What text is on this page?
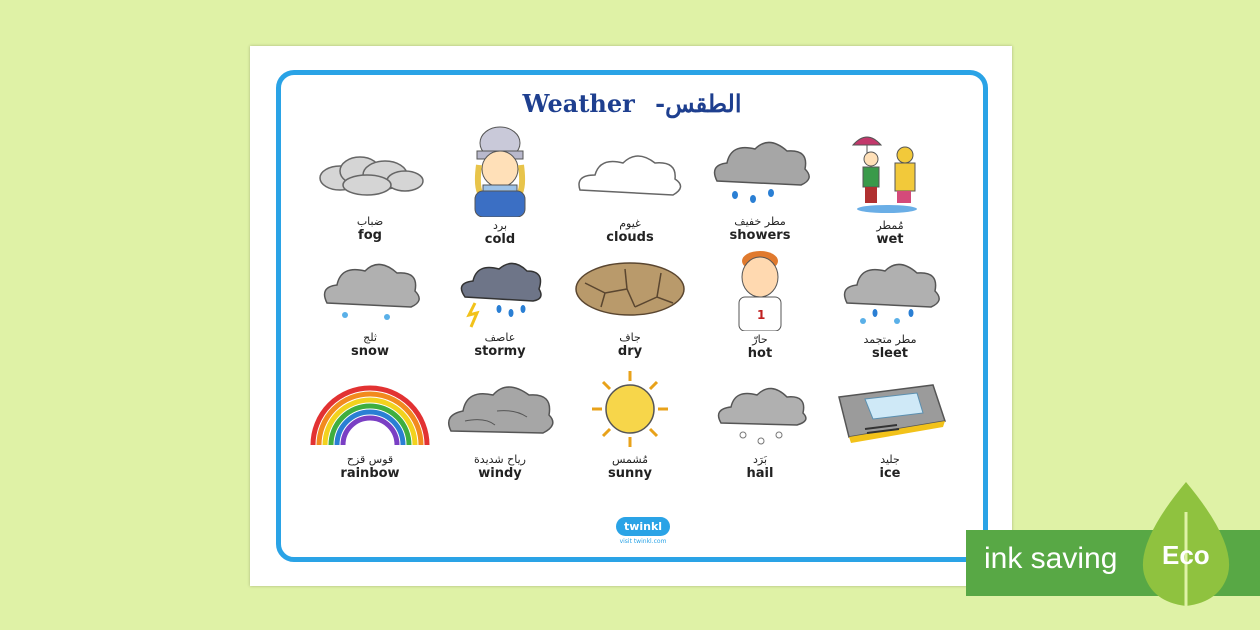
Weather الطقس-
ضباب
fog
برد
cold
غيوم
clouds
مطر خفيف
showers
مُمطر
wet
ثلج
snow
عاصف
stormy
جاف
dry
1
حارّ
hot
مطر متجمد
sleet
قوس قزح
rainbow
رياح شديدة
windy
مُشمس
sunny
بَرَد
hail
جليد
ice
twinkl
visit twinkl.com
ink saving Eco
